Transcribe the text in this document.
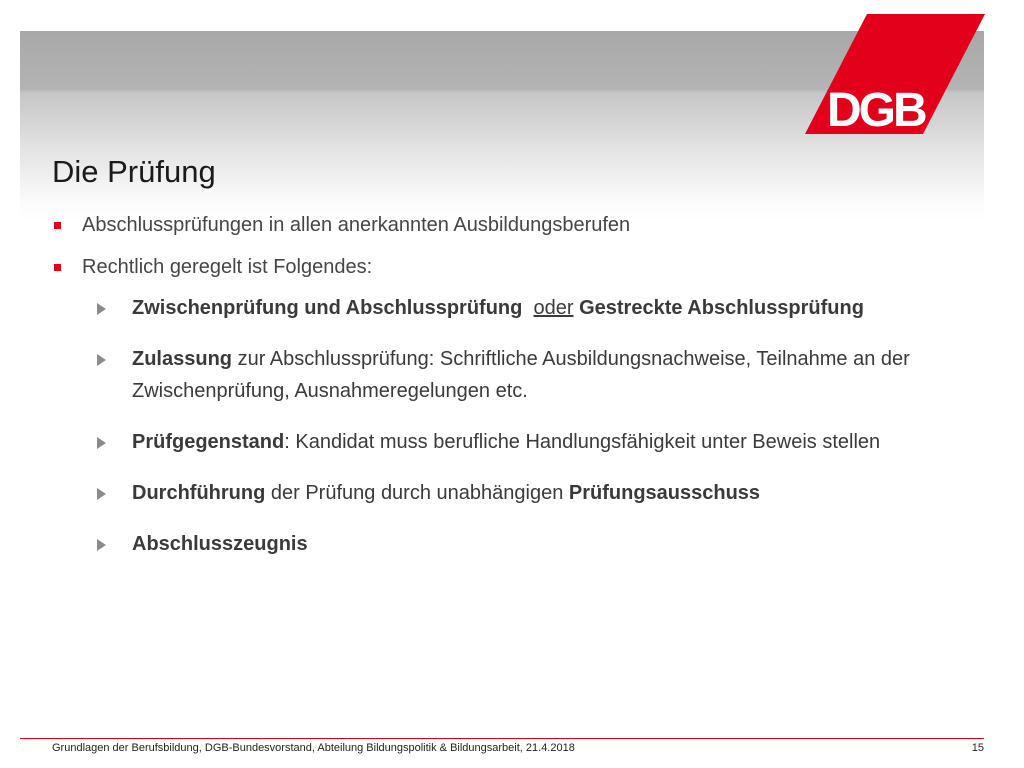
DGB
Die Prüfung
Abschlussprüfungen in allen anerkannten Ausbildungsberufen
Rechtlich geregelt ist Folgendes:
Zwischenprüfung und Abschlussprüfung oder Gestreckte Abschlussprüfung
Zulassung zur Abschlussprüfung: Schriftliche Ausbildungsnachweise, Teilnahme an der Zwischenprüfung, Ausnahmeregelungen etc.
Prüfgegenstand: Kandidat muss berufliche Handlungsfähigkeit unter Beweis stellen
Durchführung der Prüfung durch unabhängigen Prüfungsausschuss
Abschlusszeugnis
Grundlagen der Berufsbildung, DGB-Bundesvorstand, Abteilung Bildungspolitik & Bildungsarbeit, 21.4.2018	15
